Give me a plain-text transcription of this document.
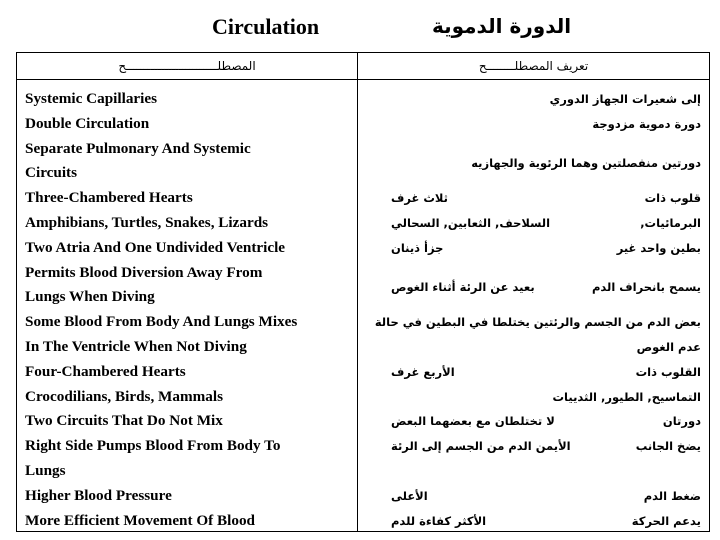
Circulation	الدورة الدموية
المصطلــــــــــــــــــــــــــح	تعريف المصطلــــــــح
Systemic Capillaries
Double Circulation
Separate Pulmonary And Systemic
Circuits
Three-Chambered Hearts
Amphibians, Turtles, Snakes, Lizards
Two Atria And One Undivided Ventricle
Permits Blood Diversion Away From
Lungs When Diving
Some Blood From Body And Lungs Mixes
In The Ventricle When Not Diving
Four-Chambered Hearts
Crocodilians, Birds, Mammals
Two Circuits That Do Not Mix
Right Side Pumps Blood From Body To
Lungs
Higher Blood Pressure
More Efficient Movement Of Blood
إلى شعيرات الجهاز الدوري
دورة دموية مزدوجة
دورتين منفصلتين وهما الرئوية والجهازيه
قلوب ذات
ثلاث غرف
البرمائيات,
السلاحف, الثعابين, السحالي
بطين واحد غير
جزأ ذينان
يسمح بانحراف الدم
بعيد عن الرئة أثناء الغوص
بعض الدم من الجسم والرئتين يختلطا في البطين في حالة
عدم الغوص
القلوب ذات
الأربع غرف
التماسيح, الطيور, الثدييات
دورتان
لا تختلطان مع بعضهما البعض
يضخ الجانب
الأيمن الدم من الجسم إلى الرئة
ضغط الدم
الأعلى
يدعم الحركة
الأكثر كفاءة للدم
